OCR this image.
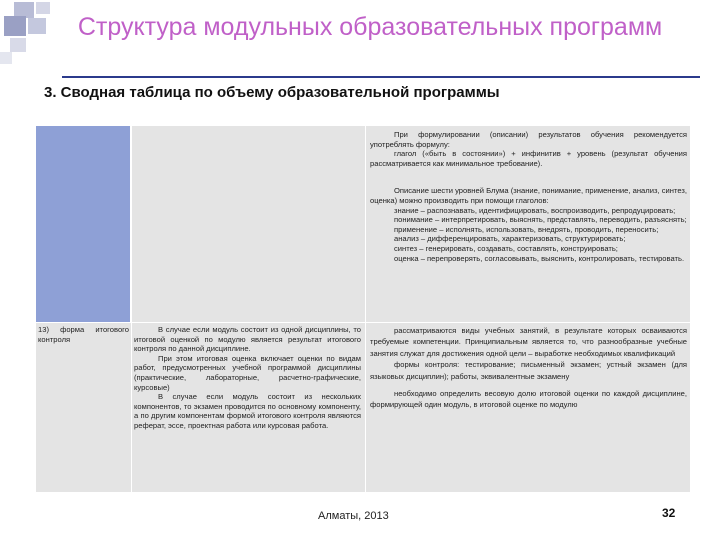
Структура модульных образовательных программ
3. Сводная таблица по объему образовательной программы

При формулировании (описании) результатов обучения рекомендуется употреблять формулу:

глагол («быть в состоянии») + инфинитив + уровень (результат обучения рассматривается как минимальное требование).

Описание шести уровней Блума (знание, понимание, применение, анализ, синтез, оценка) можно производить при помощи глаголов:

знание – распознавать, идентифицировать, воспроизводить, репродуцировать;

понимание – интерпретировать, выяснять, представлять, переводить, разъяснять;

применение – исполнять, использовать, внедрять, проводить, переносить;

анализ – дифференцировать, характеризовать, структурировать;

синтез – генерировать, создавать, составлять, конструировать;

оценка – перепроверять, согласовывать, выяснить, контролировать, тестировать.

13) форма итогового контроля

В случае если модуль состоит из одной дисциплины, то итоговой оценкой по модулю является результат итогового контроля по данной дисциплине.

При этом итоговая оценка включает оценки по видам работ, предусмотренных учебной программой дисциплины (практические, лабораторные, расчетно-графические, курсовые)

В случае если модуль состоит из нескольких компонентов, то экзамен проводится по основному компоненту, а по другим компонентам формой итогового контроля являются реферат, эссе, проектная работа или курсовая работа.

рассматриваются виды учебных занятий, в результате которых осваиваются требуемые компетенции. Принципиальным является то, что разнообразные учебные занятия служат для достижения одной цели – выработке необходимых квалификаций

формы контроля: тестирование; письменный экзамен; устный экзамен (для языковых дисциплин); работы, эквивалентные экзамену

необходимо определить весовую долю итоговой оценки по каждой дисциплине, формирующей один модуль, в итоговой оценке по модулю

Алматы, 2013	32
